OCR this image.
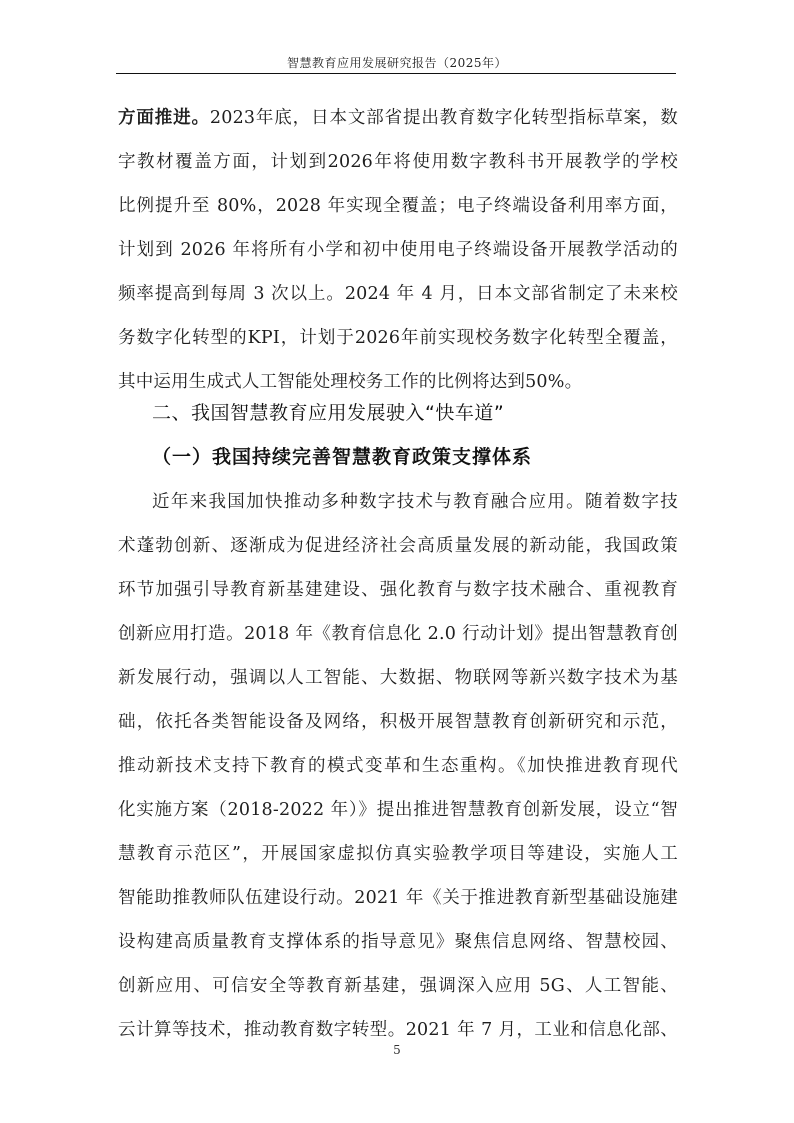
智慧教育应用发展研究报告（2025年）
方面推进。2023年底，日本文部省提出教育数字化转型指标草案，数
字教材覆盖方面，计划到2026年将使用数字教科书开展教学的学校
比例提升至 80%，2028 年实现全覆盖；电子终端设备利用率方面，
计划到 2026 年将所有小学和初中使用电子终端设备开展教学活动的
频率提高到每周 3 次以上。2024 年 4 月，日本文部省制定了未来校
务数字化转型的KPI，计划于2026年前实现校务数字化转型全覆盖，
其中运用生成式人工智能处理校务工作的比例将达到50%。
二、我国智慧教育应用发展驶入“快车道”
（一）我国持续完善智慧教育政策支撑体系
近年来我国加快推动多种数字技术与教育融合应用。随着数字技
术蓬勃创新、逐渐成为促进经济社会高质量发展的新动能，我国政策
环节加强引导教育新基建建设、强化教育与数字技术融合、重视教育
创新应用打造。2018 年《教育信息化 2.0 行动计划》提出智慧教育创
新发展行动，强调以人工智能、大数据、物联网等新兴数字技术为基
础，依托各类智能设备及网络，积极开展智慧教育创新研究和示范，
推动新技术支持下教育的模式变革和生态重构。《加快推进教育现代
化实施方案（2018-2022 年）》提出推进智慧教育创新发展，设立“智
慧教育示范区”，开展国家虚拟仿真实验教学项目等建设，实施人工
智能助推教师队伍建设行动。2021 年《关于推进教育新型基础设施建
设构建高质量教育支撑体系的指导意见》聚焦信息网络、智慧校园、
创新应用、可信安全等教育新基建，强调深入应用 5G、人工智能、
云计算等技术，推动教育数字转型。2021 年 7 月，工业和信息化部、
5
